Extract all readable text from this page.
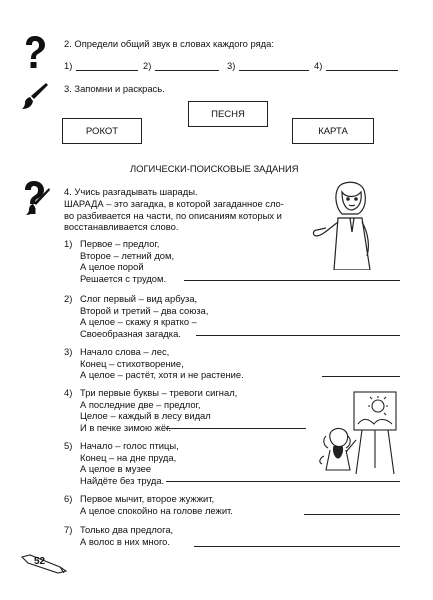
2. Определи общий звук в словах каждого ряда:
1)	2)	3)	4)
3. Запомни и раскрась.
ПЕСНЯ
РОКОТ	КАРТА
ЛОГИЧЕСКИ-ПОИСКОВЫЕ ЗАДАНИЯ
4. Учись разгадывать шарады.
ШАРАДА – это загадка, в которой загаданное сло-
во разбивается на части, по описаниям которых и
восстанавливается слово.
1) Первое – предлог,
Второе – летний дом,
А целое порой
Решается с трудом.
2) Слог первый – вид арбуза,
Второй и третий – два союза,
А целое – скажу я кратко –
Своеобразная загадка.
3) Начало слова – лес,
Конец – стихотворение,
А целое – растёт, хотя и не растение.
4) Три первые буквы – тревоги сигнал,
А последние две – предлог,
Целое – каждый в лесу видал
И в печке зимою жёг.
5) Начало – голос птицы,
Конец – на дне пруда,
А целое в музее
Найдёте без труда.
6) Первое мычит, второе жужжит,
А целое спокойно на голове лежит.
7) Только два предлога,
А волос в них много.
52
